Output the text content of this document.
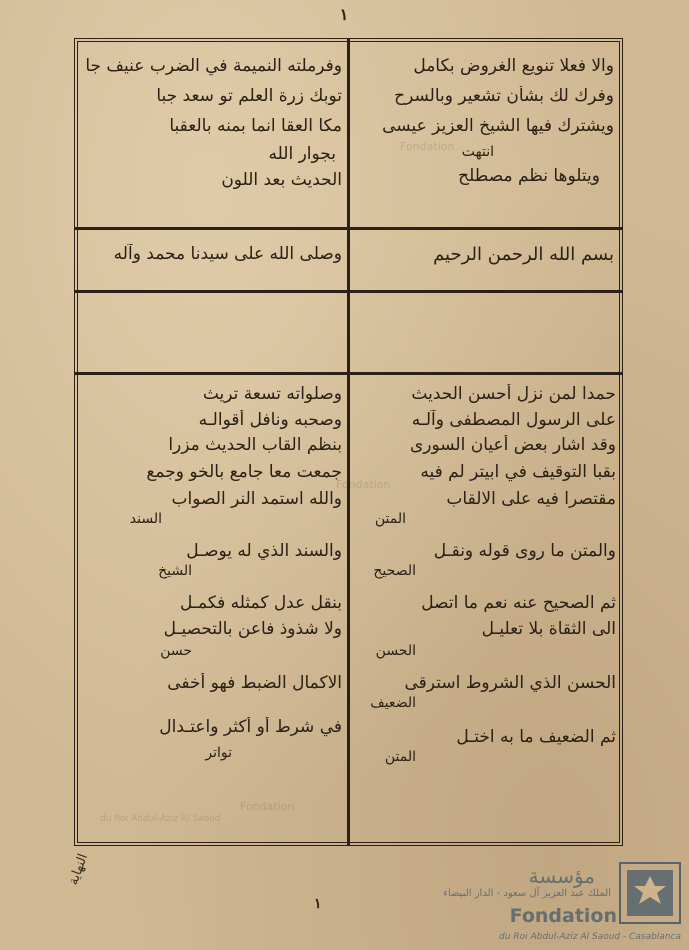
١
والا فعلا تنويع الغروض بكامل
وفرك لك بشأن تشعير وبالسرح
ويشترك فيها الشيخ العزيز عيسى
انتهت
ويتلوها نظم مصطلح
وفرملته النميمة في الضرب عنيف جا
توبك زرة العلم تو سعد جبا
مكا العقا انما بمنه بالعقبا
بجوار الله
الحديث بعد اللون
بسم الله الرحمن الرحيم
وصلى الله على سيدنا محمد وآله
حمدا لمن نزل أحسن الحديث
على الرسول المصطفى وآلـه
وقد اشار بعض أعيان السورى
بقبا التوقيف في ابيتر لم فيه
مقتصرا فيه على الالقاب
المتن
والمتن ما روى قوله ونقـل
الصحيح
ثم الصحيح عنه نعم ما اتصل
الى الثقاة بلا تعليـل
الحسن
الحسن الذي الشروط استرقى
الضعيف
ثم الضعيف ما به اختـل
المتن
وصلواته تسعة تريث
وصحبه ونافل أقوالـه
بنظم القاب الحديث مزرا
جمعت معا جامع بالخو وجمع
والله استمد النر الصواب
السند
والسند الذي له يوصـل
الشيخ
بنقل عدل كمثله فكمـل
ولا شذوذ فاعن بالتحصيـل
حسن
الاكمال الضبط فهو أخفى
في شرط أو أكثر واعتـدال
تواتر
Fondation
Fondation
Fondation
du Roi Abdul-Aziz Al Saoud
النهاية
١
مؤسسة
الملك عبد العزيز آل سعود - الدار البيضاء
Fondation
du Roi Abdul-Aziz Al Saoud - Casablanca
